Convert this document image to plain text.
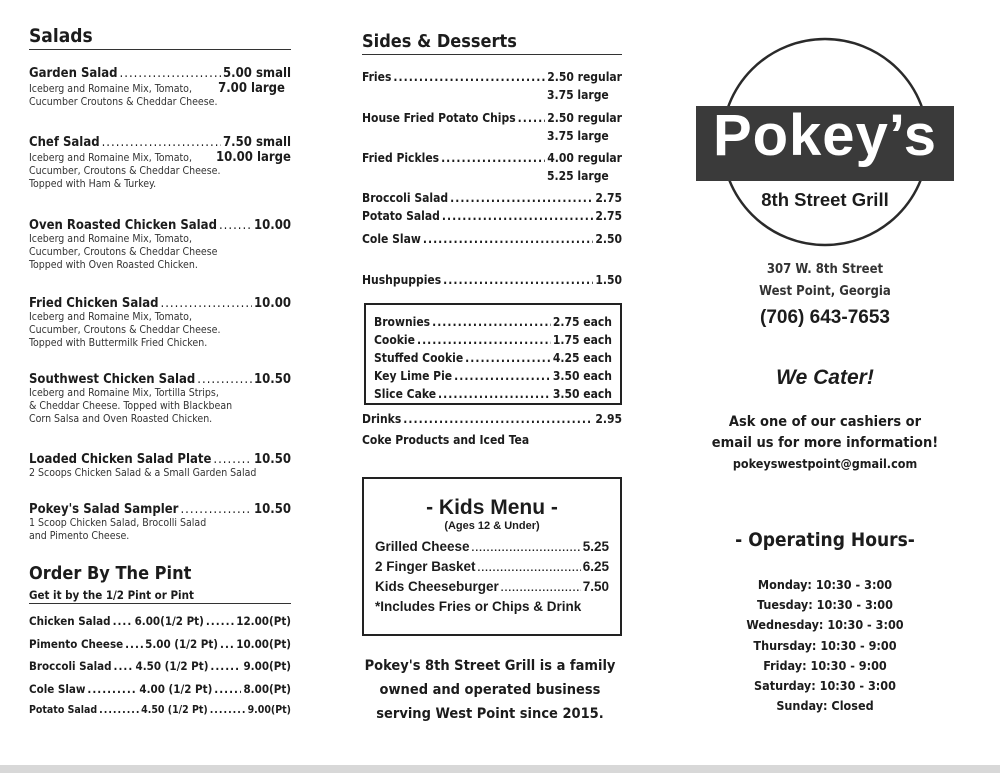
Salads
Garden Salad .....	5.00 small
Iceberg and Romaine Mix, Tomato, 7.00 large
Cucumber Croutons & Cheddar Cheese.
Chef Salad .....	7.50 small
Iceberg and Romaine Mix, Tomato, 10.00 large
Cucumber, Croutons & Cheddar Cheese.
Topped with Ham & Turkey.
Oven Roasted Chicken Salad .....	10.00
Iceberg and Romaine Mix, Tomato,
Cucumber, Croutons & Cheddar Cheese
Topped with Oven Roasted Chicken.
Fried Chicken Salad .....	10.00
Iceberg and Romaine Mix, Tomato,
Cucumber, Croutons & Cheddar Cheese.
Topped with Buttermilk Fried Chicken.
Southwest Chicken Salad .....	10.50
Iceberg and Romaine Mix, Tortilla Strips,
& Cheddar Cheese. Topped with Blackbean
Corn Salsa and Oven Roasted Chicken.
Loaded Chicken Salad Plate .....	10.50
2 Scoops Chicken Salad & a Small Garden Salad
Pokey's Salad Sampler .....	10.50
1 Scoop Chicken Salad, Brocolli Salad
and Pimento Cheese.
Order By The Pint
Get it by the 1/2 Pint or Pint
Chicken Salad ..... 6.00(1/2 Pt) .....	12.00(Pt)
Pimento Cheese ..... 5.00 (1/2 Pt) ..... 10.00(Pt)
Broccoli Salad ..... 4.50 (1/2 Pt) .....	9.00(Pt)
Cole Slaw .....	4.00 (1/2 Pt) .....	8.00(Pt)
Potato Salad .....	4.50 (1/2 Pt) .....	9.00(Pt)
Sides & Desserts
Fries .....	2.50 regular
3.75 large
House Fried Potato Chips .....	2.50 regular
3.75 large
Fried Pickles .....	4.00 regular
5.25 large
Broccoli Salad .....	2.75
Potato Salad .....	2.75
Cole Slaw .....	2.50
Hushpuppies .....	1.50
Brownies .....	2.75 each
Cookie .....	1.75 each
Stuffed Cookie .....	4.25 each
Key Lime Pie .....	3.50 each
Slice Cake .....	3.50 each
Drinks .....	2.95
Coke Products and Iced Tea
- Kids Menu -
(Ages 12 & Under)
Grilled Cheese .....	5.25
2 Finger Basket .....	6.25
Kids Cheeseburger .....	7.50
*Includes Fries or Chips & Drink
Pokey's 8th Street Grill is a family
owned and operated business
serving West Point since 2015.
Pokey’s
8th Street Grill
307 W. 8th Street
West Point, Georgia
(706) 643-7653
We Cater!
Ask one of our cashiers or
email us for more information!
pokeyswestpoint@gmail.com
- Operating Hours-
Monday: 10:30 - 3:00
Tuesday: 10:30 - 3:00
Wednesday: 10:30 - 3:00
Thursday: 10:30 - 9:00
Friday: 10:30 - 9:00
Saturday: 10:30 - 3:00
Sunday: Closed
